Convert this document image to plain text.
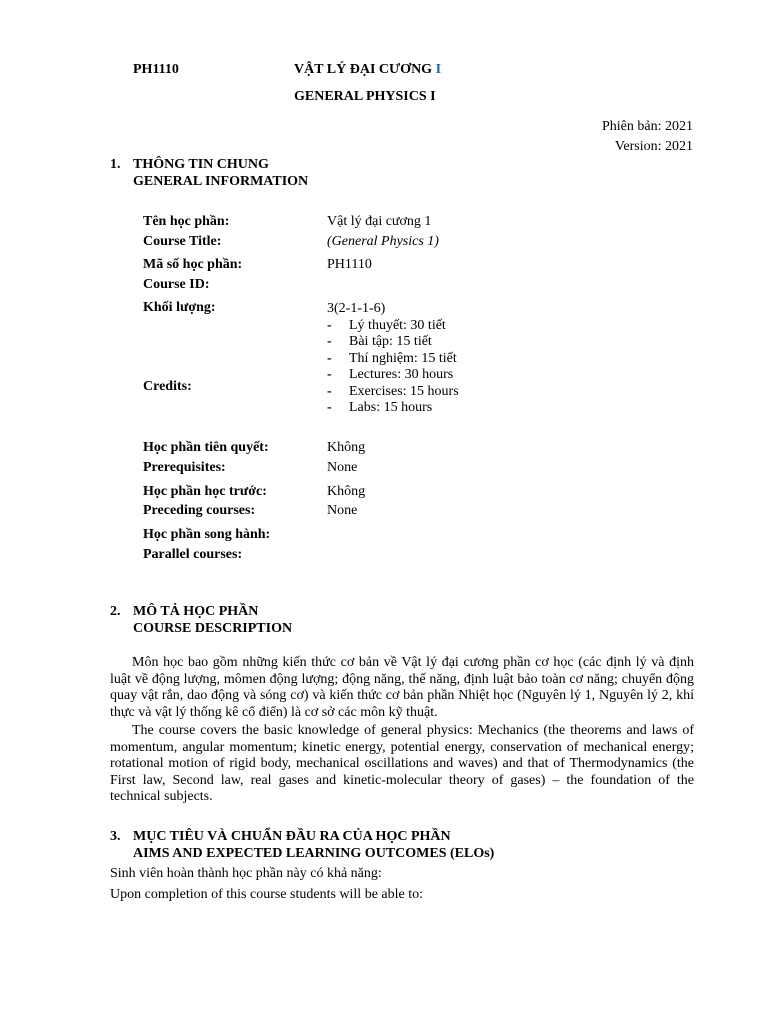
PH1110	VẬT LÝ ĐẠI CƯƠNG I
GENERAL PHYSICS I
Phiên bản: 2021
Version: 2021
1. THÔNG TIN CHUNG
GENERAL INFORMATION
Tên học phần:
Course Title:
Vật lý đại cương 1
(General Physics 1)
Mã số học phần:
Course ID:
PH1110
Khối lượng:	3(2-1-1-6)
- Lý thuyết: 30 tiết
- Bài tập: 15 tiết
- Thí nghiệm: 15 tiết
- Lectures: 30 hours
- Exercises: 15 hours
- Labs: 15 hours
Credits:
Học phần tiên quyết:
Prerequisites:
Không
None
Học phần học trước:
Preceding courses:
Không
None
Học phần song hành:
Parallel courses:
2. MÔ TẢ HỌC PHẦN
COURSE DESCRIPTION
Môn học bao gồm những kiến thức cơ bản về Vật lý đại cương phần cơ học (các định lý và định luật về động lượng, mômen động lượng; động năng, thế năng, định luật bảo toàn cơ năng; chuyển động quay vật rắn, dao động và sóng cơ) và kiến thức cơ bản phần Nhiệt học (Nguyên lý 1, Nguyên lý 2, khí thực và vật lý thống kê cổ điển) là cơ sở các môn kỹ thuật.
The course covers the basic knowledge of general physics: Mechanics (the theorems and laws of momentum, angular momentum; kinetic energy, potential energy, conservation of mechanical energy; rotational motion of rigid body, mechanical oscillations and waves) and that of Thermodynamics (the First law, Second law, real gases and kinetic-molecular theory of gases) – the foundation of the technical subjects.
3. MỤC TIÊU VÀ CHUẨN ĐẦU RA CỦA HỌC PHẦN
AIMS AND EXPECTED LEARNING OUTCOMES (ELOs)
Sinh viên hoàn thành học phần này có khả năng:
Upon completion of this course students will be able to:
